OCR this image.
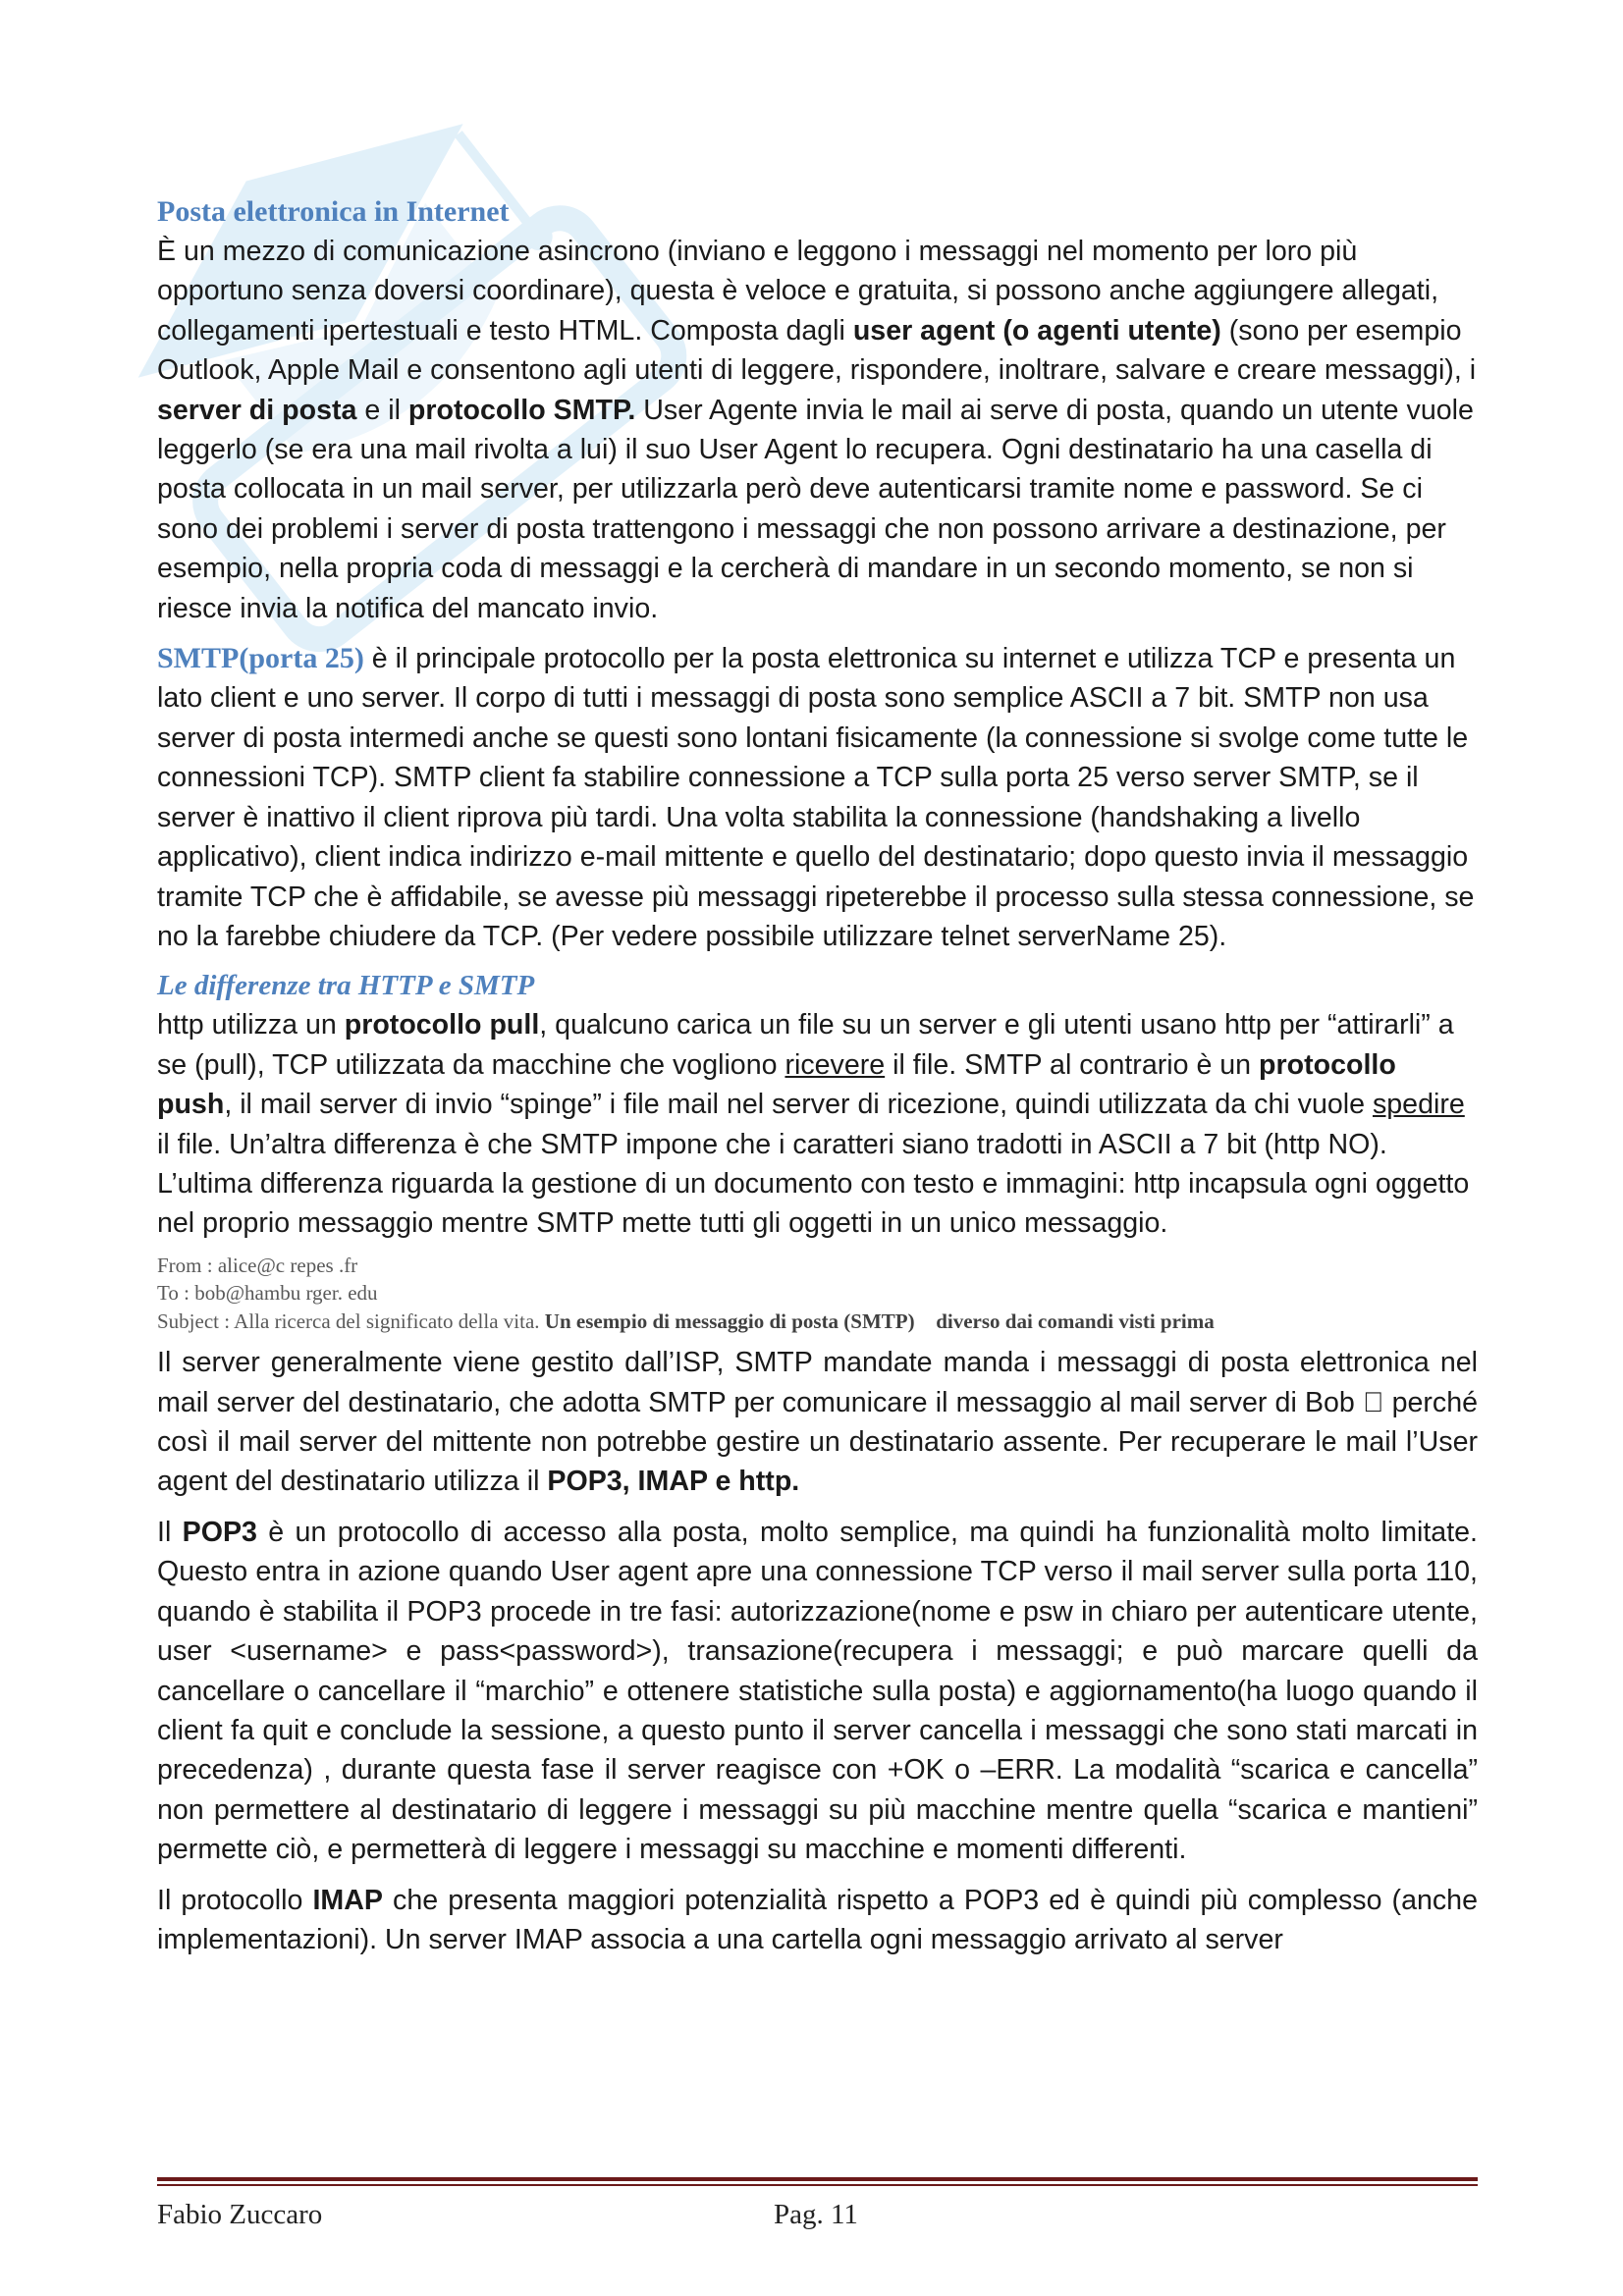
Posta elettronica in Internet

È un mezzo di comunicazione asincrono (inviano e leggono i messaggi nel momento per loro più opportuno senza doversi coordinare), questa è veloce e gratuita, si possono anche aggiungere allegati, collegamenti ipertestuali e testo HTML. Composta dagli user agent (o agenti utente) (sono per esempio Outlook, Apple Mail e consentono agli utenti di leggere, rispondere, inoltrare, salvare e creare messaggi), i server di posta e il protocollo SMTP. User Agente invia le mail ai serve di posta, quando un utente vuole leggerlo (se era una mail rivolta a lui) il suo User Agent lo recupera. Ogni destinatario ha una casella di posta collocata in un mail server, per utilizzarla però deve autenticarsi tramite nome e password. Se ci sono dei problemi i server di posta trattengono i messaggi che non possono arrivare a destinazione, per esempio, nella propria coda di messaggi e la cercherà di mandare in un secondo momento, se non si riesce invia la notifica del mancato invio.

SMTP(porta 25) è il principale protocollo per la posta elettronica su internet e utilizza TCP e presenta un lato client e uno server. Il corpo di tutti i messaggi di posta sono semplice ASCII a 7 bit. SMTP non usa server di posta intermedi anche se questi sono lontani fisicamente (la connessione si svolge come tutte le connessioni TCP). SMTP client fa stabilire connessione a TCP sulla porta 25 verso server SMTP, se il server è inattivo il client riprova più tardi. Una volta stabilita la connessione (handshaking a livello applicativo), client indica indirizzo e-mail mittente e quello del destinatario; dopo questo invia il messaggio tramite TCP che è affidabile, se avesse più messaggi ripeterebbe il processo sulla stessa connessione, se no la farebbe chiudere da TCP. (Per vedere possibile utilizzare telnet serverName 25).

Le differenze tra HTTP e SMTP

http utilizza un protocollo pull, qualcuno carica un file su un server e gli utenti usano http per “attirarli” a se (pull), TCP utilizzata da macchine che vogliono ricevere il file. SMTP al contrario è un protocollo push, il mail server di invio “spinge” i file mail nel server di ricezione, quindi utilizzata da chi vuole spedire il file. Un’altra differenza è che SMTP impone che i caratteri siano tradotti in ASCII a 7 bit (http NO). L’ultima differenza riguarda la gestione di un documento con testo e immagini: http incapsula ogni oggetto nel proprio messaggio mentre SMTP mette tutti gli oggetti in un unico messaggio.

From : alice@c repes .fr
To : bob@hambu rger. edu
Subject : Alla ricerca del significato della vita. Un esempio di messaggio di posta (SMTP) diverso dai comandi visti prima

Il server generalmente viene gestito dall’ISP, SMTP mandate manda i messaggi di posta elettronica nel mail server del destinatario, che adotta SMTP per comunicare il messaggio al mail server di Bob perché così il mail server del mittente non potrebbe gestire un destinatario assente. Per recuperare le mail l’User agent del destinatario utilizza il POP3, IMAP e http.

Il POP3 è un protocollo di accesso alla posta, molto semplice, ma quindi ha funzionalità molto limitate. Questo entra in azione quando User agent apre una connessione TCP verso il mail server sulla porta 110, quando è stabilita il POP3 procede in tre fasi: autorizzazione(nome e psw in chiaro per autenticare utente, user <username> e pass<password>), transazione(recupera i messaggi; e può marcare quelli da cancellare o cancellare il “marchio” e ottenere statistiche sulla posta) e aggiornamento(ha luogo quando il client fa quit e conclude la sessione, a questo punto il server cancella i messaggi che sono stati marcati in precedenza) , durante questa fase il server reagisce con +OK o –ERR. La modalità “scarica e cancella” non permettere al destinatario di leggere i messaggi su più macchine mentre quella “scarica e mantieni” permette ciò, e permetterà di leggere i messaggi su macchine e momenti differenti.

Il protocollo IMAP che presenta maggiori potenzialità rispetto a POP3 ed è quindi più complesso (anche implementazioni). Un server IMAP associa a una cartella ogni messaggio arrivato al server

Fabio Zuccaro	Pag. 11
